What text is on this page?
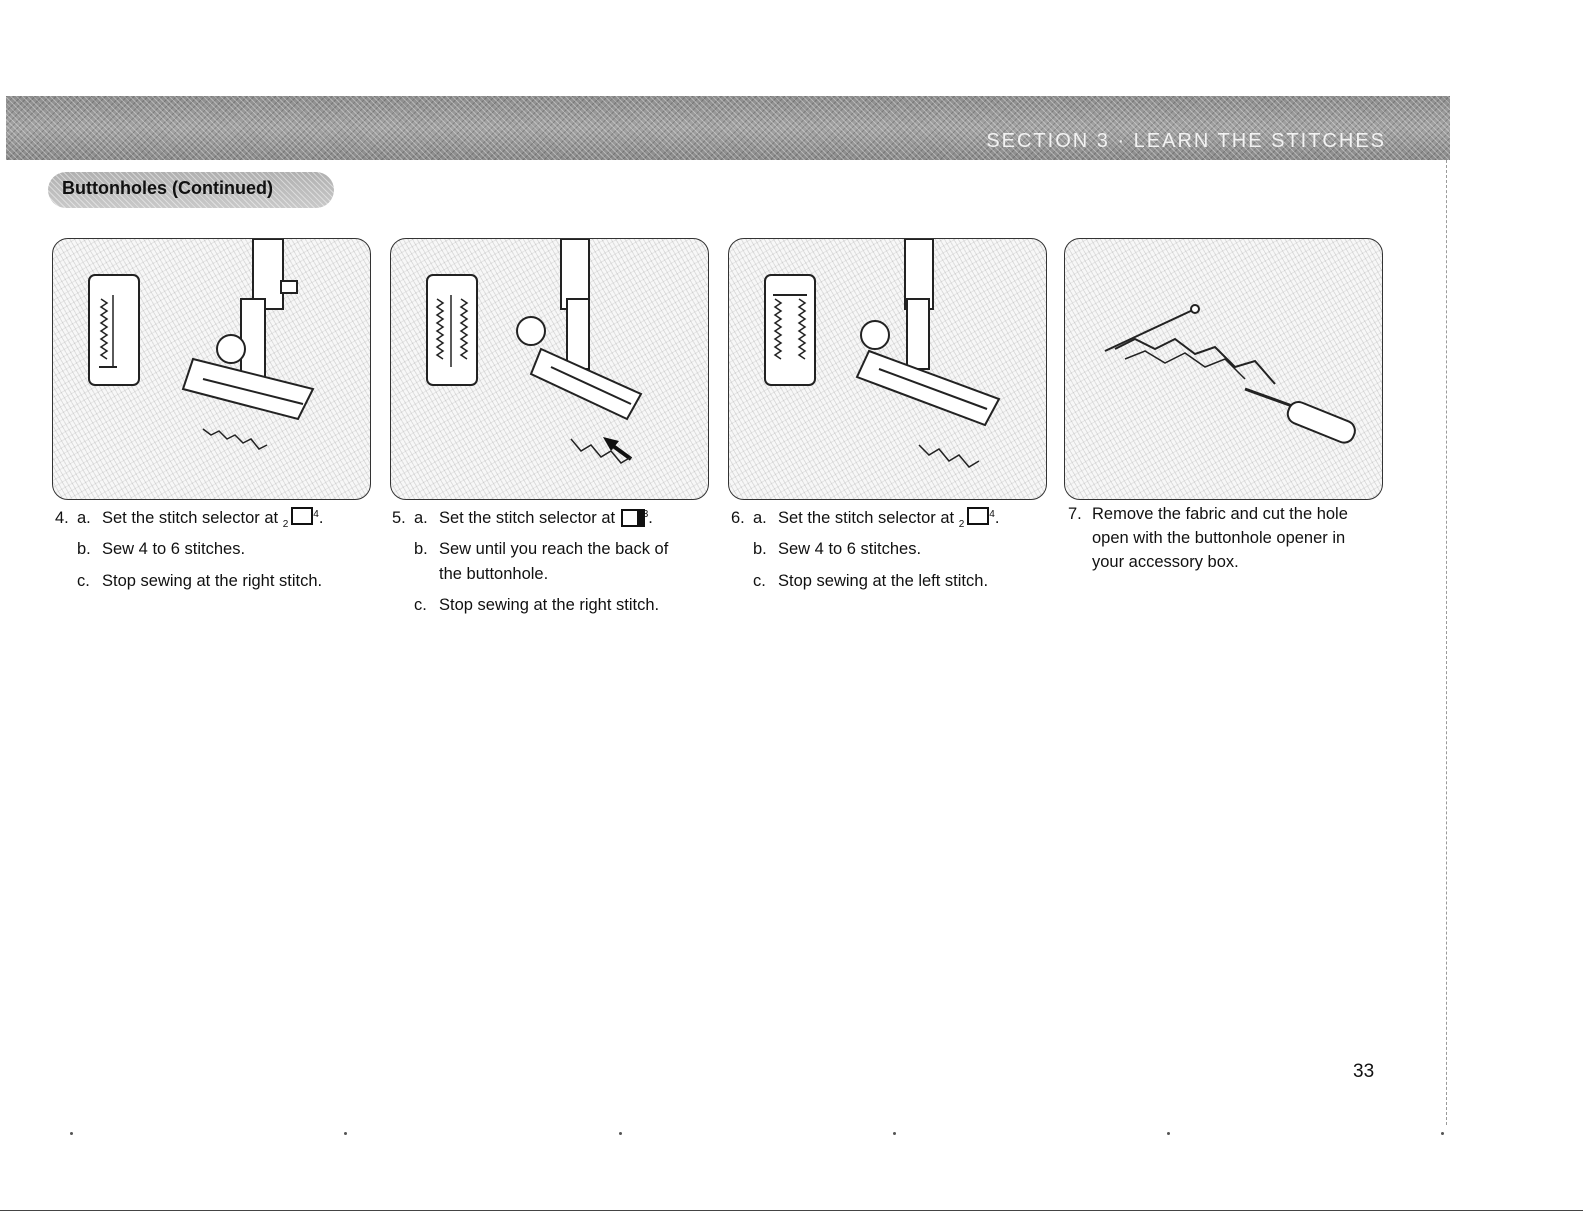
SECTION 3 · LEARN THE STITCHES
Buttonholes (Continued)
4. a. Set the stitch selector at $_2^4$.
b. Sew 4 to 6 stitches.
c. Stop sewing at the right stitch.
5. a. Set the stitch selector at	$^3$.
b. Sew until you reach the back of
the buttonhole.
c. Stop sewing at the right stitch.
6. a. Set the stitch selector at $_2^4$.
b. Sew 4 to 6 stitches.
c. Stop sewing at the left stitch.
7. Remove the fabric and cut the hole
open with the buttonhole opener in
your accessory box.
33
